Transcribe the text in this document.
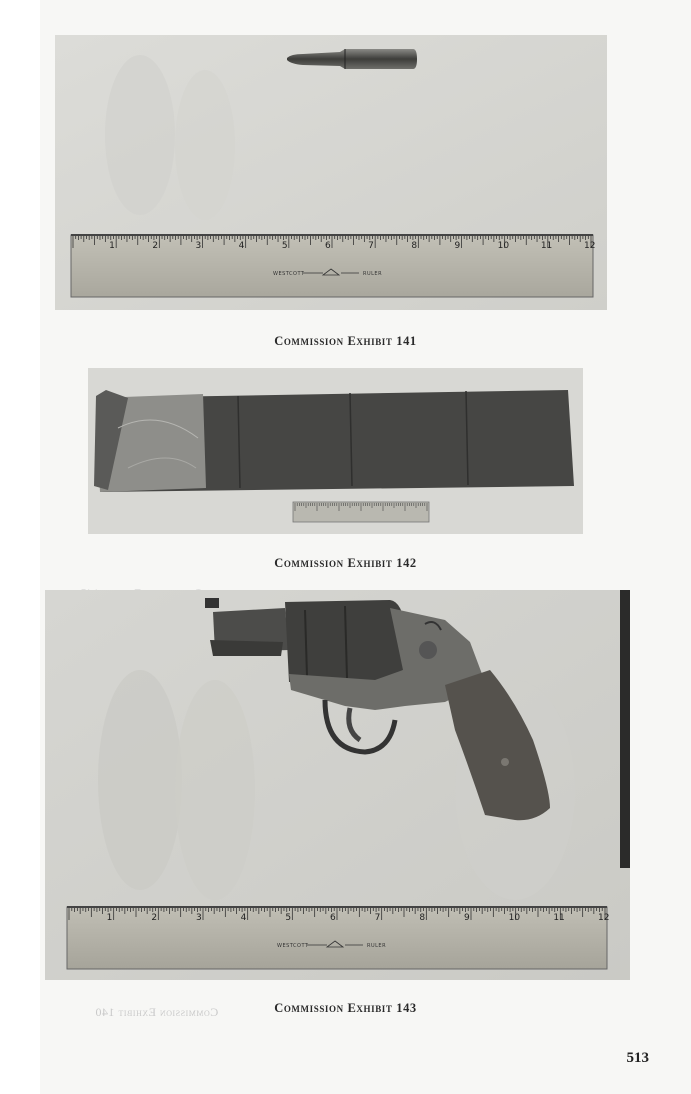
Commission Exhibit 140
1	2	3	4	5	6	7	8	9	10	11	12
WESTCOTT	RULER
Commission Exhibit 141
Commission Exhibit 142
1	2	3	4	5	6	7	8	9	10	11	12
WESTCOTT	RULER
Commission Exhibit 143
513
